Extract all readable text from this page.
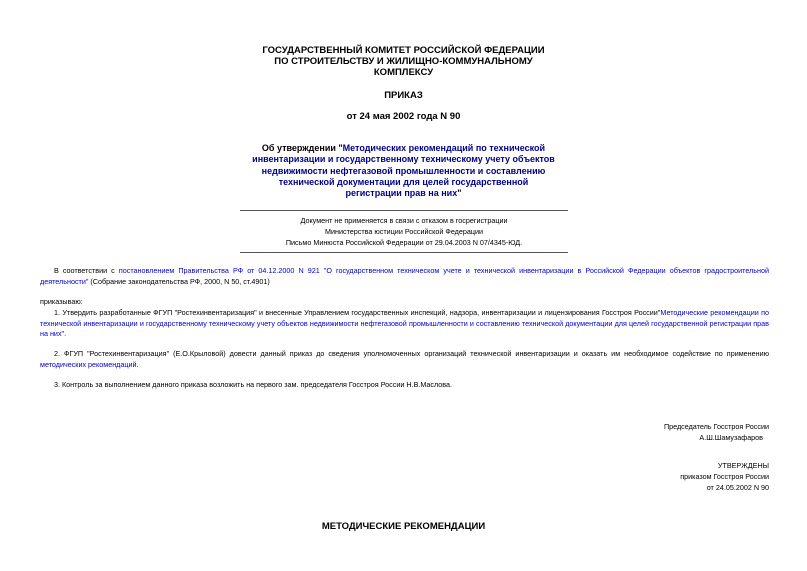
ГОСУДАРСТВЕННЫЙ КОМИТЕТ РОССИЙСКОЙ ФЕДЕРАЦИИ
ПО СТРОИТЕЛЬСТВУ И ЖИЛИЩНО-КОММУНАЛЬНОМУ
КОМПЛЕКСУ
ПРИКАЗ
от 24 мая 2002 года N 90
Об утверждении "Методических рекомендаций по технической инвентаризации и государственному техническому учету объектов недвижимости нефтегазовой промышленности и составлению технической документации для целей государственной регистрации прав на них"
Документ не применяется в связи с отказом в госрегистрации
Министерства юстиции Российской Федерации
Письмо Минюста Российской Федерации от 29.04.2003 N 07/4345-ЮД.
В соответствии с постановлением Правительства РФ от 04.12.2000 N 921 "О государственном техническом учете и технической инвентаризации в Российской Федерации объектов градостроительной деятельности" (Собрание законодательства РФ, 2000, N 50, ст.4901)
приказываю:
1. Утвердить разработанные ФГУП "Ростехинвентаризация" и внесенные Управлением государственных инспекций, надзора, инвентаризации и лицензирования Госстроя России"Методические рекомендации по технической инвентаризации и государственному техническому учету объектов недвижимости нефтегазовой промышленности и составлению технической документации для целей государственной регистрации прав на них".
2. ФГУП "Ростехинвентаризация" (Е.О.Крыловой) довести данный приказ до сведения уполномоченных организаций технической инвентаризации и оказать им необходимое содействие по применению методических рекомендаций.
3. Контроль за выполнением данного приказа возложить на первого зам. председателя Госстроя России Н.В.Маслова.
Председатель Госстроя России
А.Ш.Шамузафаров
УТВЕРЖДЕНЫ
приказом Госстроя России
от 24.05.2002 N 90
МЕТОДИЧЕСКИЕ РЕКОМЕНДАЦИИ
